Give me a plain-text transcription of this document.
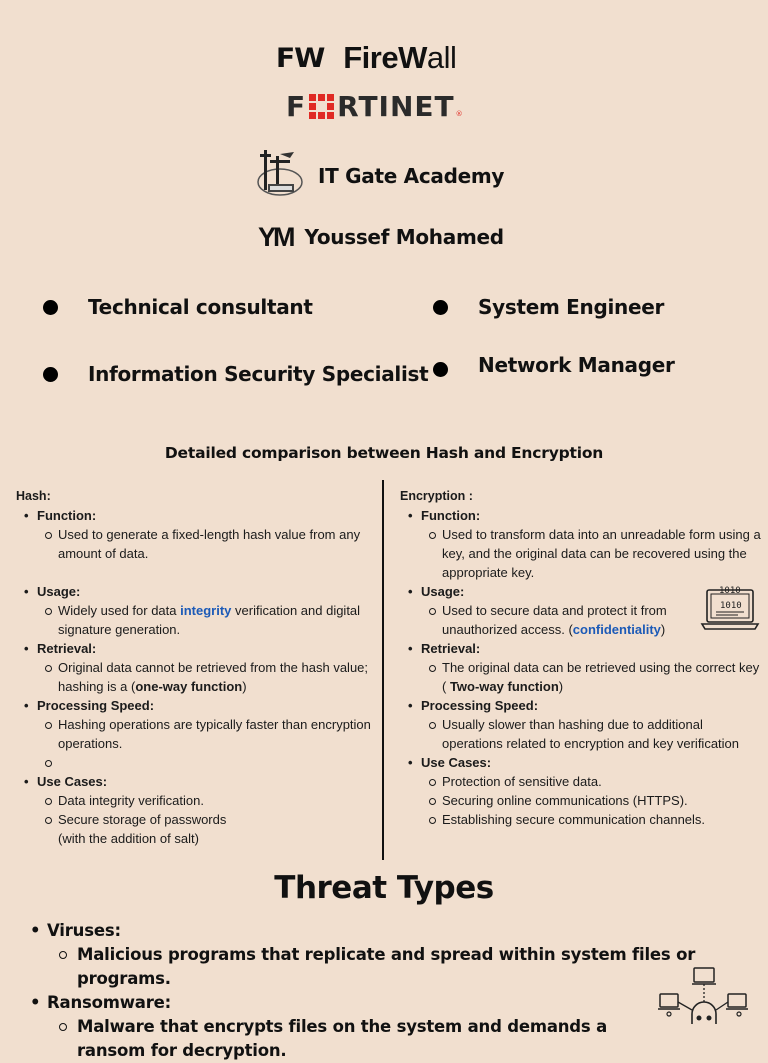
FW FireWall
F RTINET ®
IT Gate Academy
YM Youssef Mohamed
Technical consultant	System Engineer
Information Security Specialist Network Manager
Detailed comparison between Hash and Encryption
Hash:
• Function:
Used to generate a fixed-length hash value from any amount of data.
• Usage:
Widely used for data integrity verification and digital signature generation.
• Retrieval:
Original data cannot be retrieved from the hash value; hashing is a (one-way function)
• Processing Speed:
Hashing operations are typically faster than encryption operations.

• Use Cases:
Data integrity verification.
Secure storage of passwords (with the addition of salt)
Encryption :
• Function:
Used to transform data into an unreadable form using a key, and the original data can be recovered using the appropriate key.
• Usage:
Used to secure data and protect it from unauthorized access. (confidentiality)
• Retrieval:
The original data can be retrieved using the correct key ( Two-way function)
• Processing Speed:
Usually slower than hashing due to additional operations related to encryption and key verification
• Use Cases:
Protection of sensitive data.
Securing online communications (HTTPS).
Establishing secure communication channels.
1010
1010
Threat Types
• Viruses:
Malicious programs that replicate and spread within system files or programs.
• Ransomware:
Malware that encrypts files on the system and demands a ransom for decryption.
